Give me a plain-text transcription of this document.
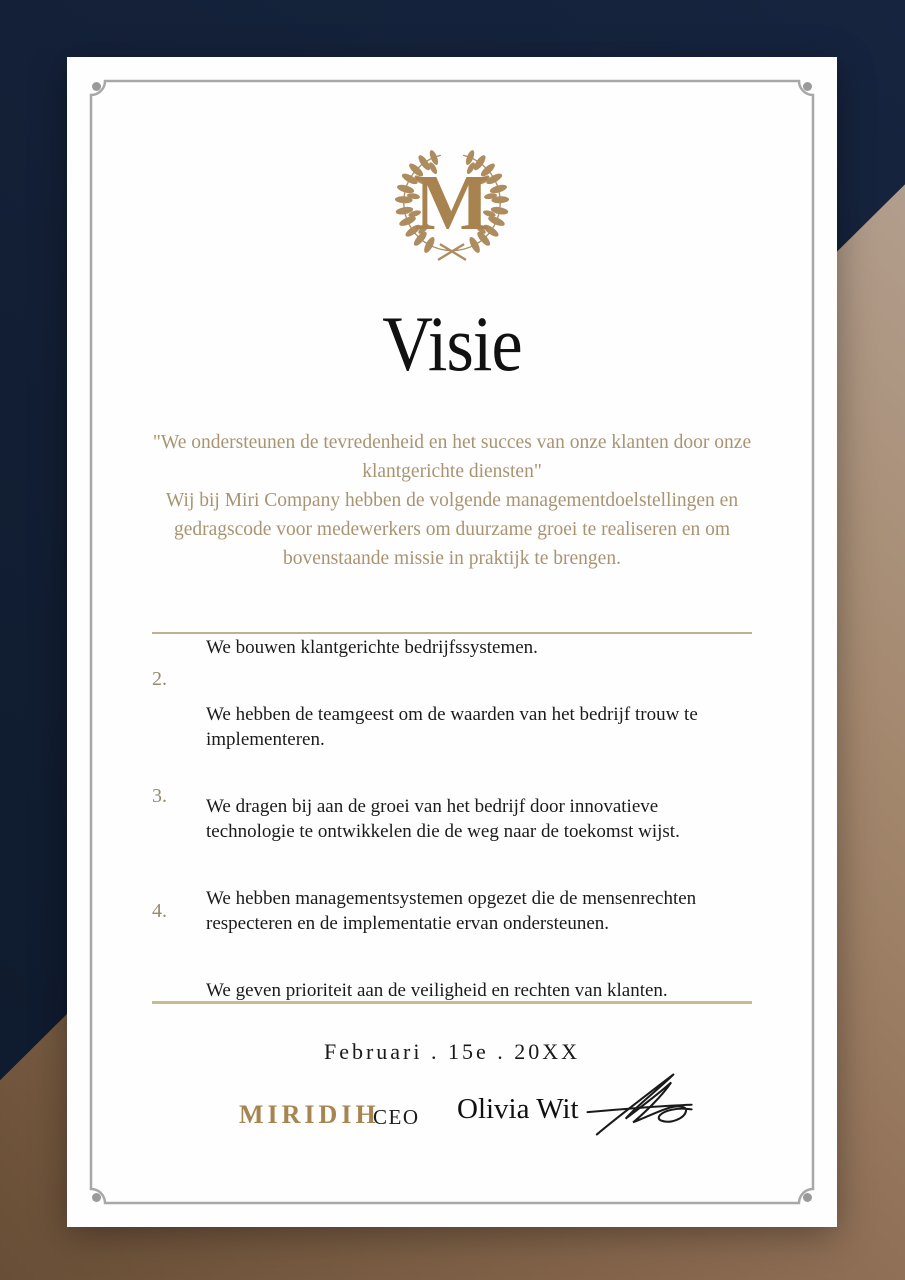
M
Visie

"We ondersteunen de tevredenheid en het succes van onze klanten door onze klantgerichte diensten"

Wij bij Miri Company hebben de volgende managementdoelstellingen en gedragscode voor medewerkers om duurzame groei te realiseren en om bovenstaande missie in praktijk te brengen.

We bouwen klantgerichte bedrijfssystemen.
2.
We hebben de teamgeest om de waarden van het bedrijf trouw te implementeren.
3.	We dragen bij aan de groei van het bedrijf door innovatieve technologie te ontwikkelen die de weg naar de toekomst wijst.
4.
We hebben managementsystemen opgezet die de mensenrechten respecteren en de implementatie ervan ondersteunen.
We geven prioriteit aan de veiligheid en rechten van klanten.
Februari . 15e . 20XX
MIRIDIH
CEO Olivia Wit
